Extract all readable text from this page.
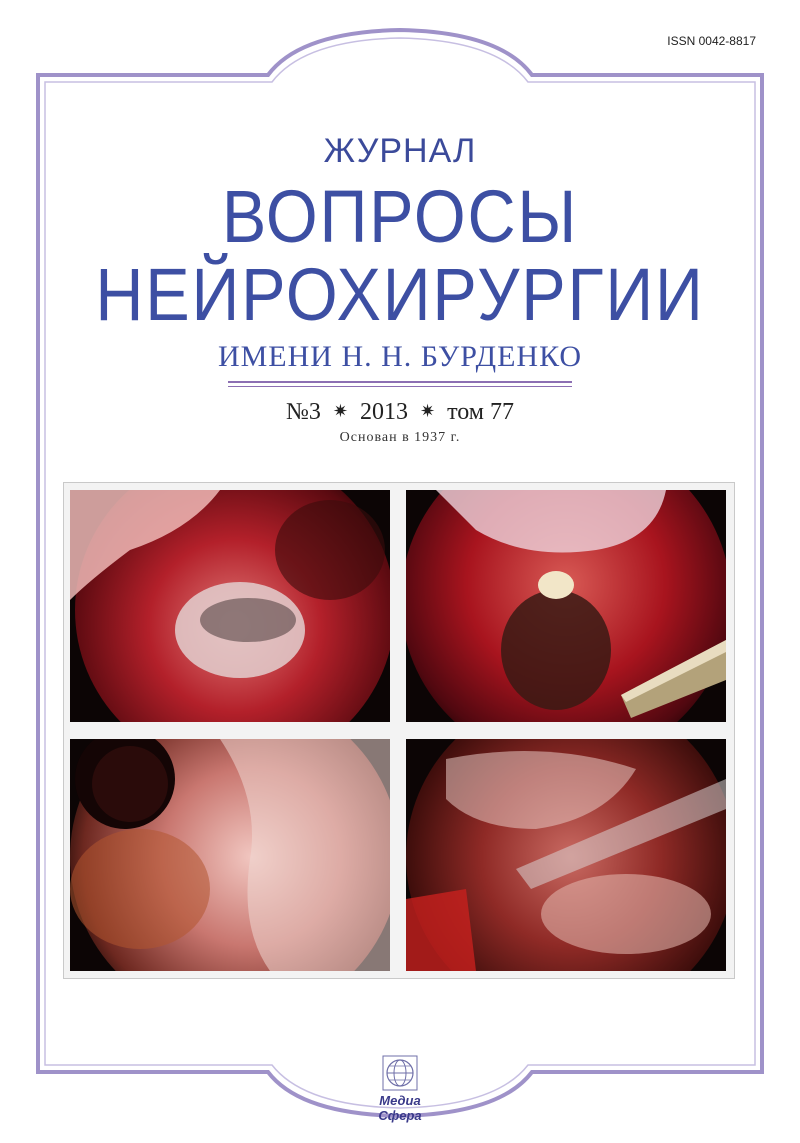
ISSN 0042-8817
ЖУРНАЛ
ВОПРОСЫ
НЕЙРОХИРУРГИИ
ИМЕНИ Н. Н. БУРДЕНКО
№3 ✷ 2013 ✷ том 77
Основан в 1937 г.
Медиа Сфера
